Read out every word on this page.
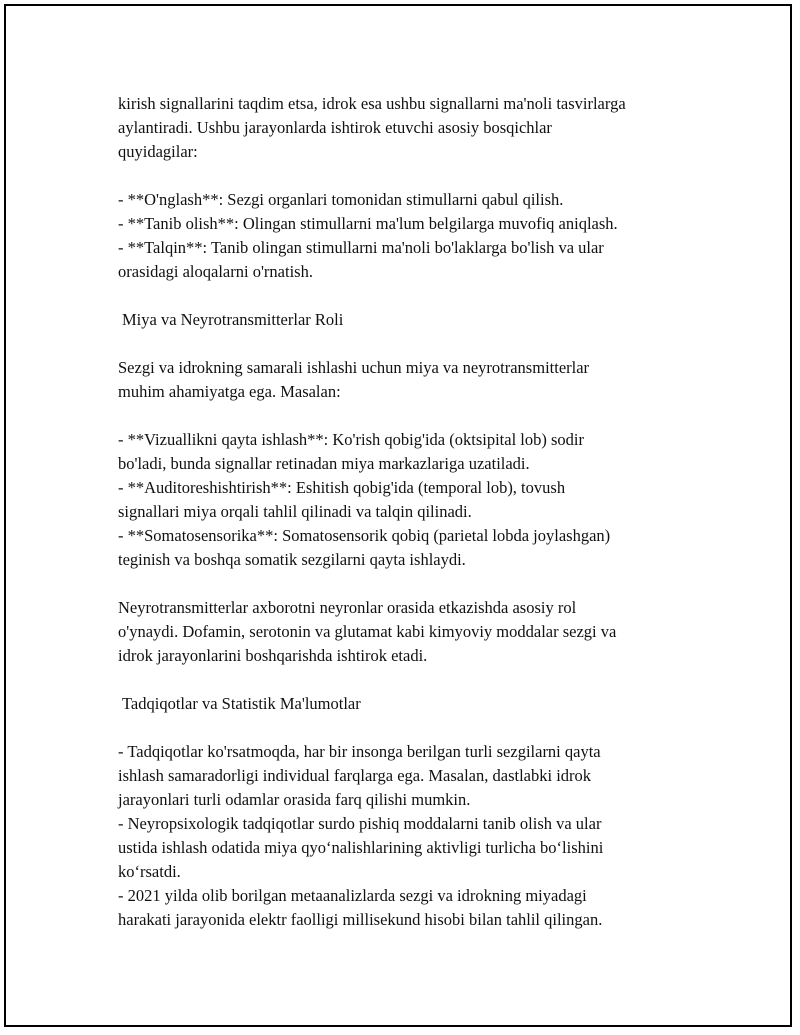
kirish signallarini taqdim etsa, idrok esa ushbu signallarni ma'noli tasvirlarga

aylantiradi. Ushbu jarayonlarda ishtirok etuvchi asosiy bosqichlar

quyidagilar:

- **O'nglash**: Sezgi organlari tomonidan stimullarni qabul qilish.

- **Tanib olish**: Olingan stimullarni ma'lum belgilarga muvofiq aniqlash.

- **Talqin**: Tanib olingan stimullarni ma'noli bo'laklarga bo'lish va ular

orasidagi aloqalarni o'rnatish.

Miya va Neyrotransmitterlar Roli

Sezgi va idrokning samarali ishlashi uchun miya va neyrotransmitterlar

muhim ahamiyatga ega. Masalan:

- **Vizuallikni qayta ishlash**: Ko'rish qobig'ida (oktsipital lob) sodir

bo'ladi, bunda signallar retinadan miya markazlariga uzatiladi.

- **Auditoreshishtirish**: Eshitish qobig'ida (temporal lob), tovush

signallari miya orqali tahlil qilinadi va talqin qilinadi.

- **Somatosensorika**: Somatosensorik qobiq (parietal lobda joylashgan)

teginish va boshqa somatik sezgilarni qayta ishlaydi.

Neyrotransmitterlar axborotni neyronlar orasida etkazishda asosiy rol

o'ynaydi. Dofamin, serotonin va glutamat kabi kimyoviy moddalar sezgi va

idrok jarayonlarini boshqarishda ishtirok etadi.

Tadqiqotlar va Statistik Ma'lumotlar

- Tadqiqotlar ko'rsatmoqda, har bir insonga berilgan turli sezgilarni qayta

ishlash samaradorligi individual farqlarga ega. Masalan, dastlabki idrok

jarayonlari turli odamlar orasida farq qilishi mumkin.

- Neyropsixologik tadqiqotlar surdo pishiq moddalarni tanib olish va ular

ustida ishlash odatida miya qyo‘nalishlarining aktivligi turlicha bo‘lishini

ko‘rsatdi.

- 2021 yilda olib borilgan metaanalizlarda sezgi va idrokning miyadagi

harakati jarayonida elektr faolligi millisekund hisobi bilan tahlil qilingan.
